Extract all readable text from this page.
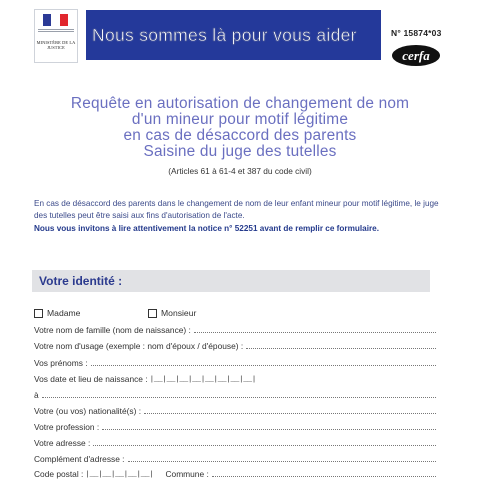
MINISTÈRE DE LA JUSTICE
Nous sommes là pour vous aider	N° 15874*03
cerfa
Requête en autorisation de changement de nom
d'un mineur pour motif légitime
en cas de désaccord des parents
Saisine du juge des tutelles
(Articles 61 à 61-4 et 387 du code civil)
En cas de désaccord des parents dans le changement de nom de leur enfant mineur pour motif légitime, le juge des tutelles peut être saisi aux fins d'autorisation de l'acte.
Nous vous invitons à lire attentivement la notice n° 52251 avant de remplir ce formulaire.
Votre identité :
Madame	Monsieur
Votre nom de famille (nom de naissance) :
Votre nom d'usage (exemple : nom d'époux / d'épouse) :
Vos prénoms :
Vos date et lieu de naissance : |__|__|__|__|__|__|__|__|
à
Votre (ou vos) nationalité(s) :
Votre profession :
Votre adresse :
Complément d'adresse :
Code postal : |__|__|__|__|__| Commune :
